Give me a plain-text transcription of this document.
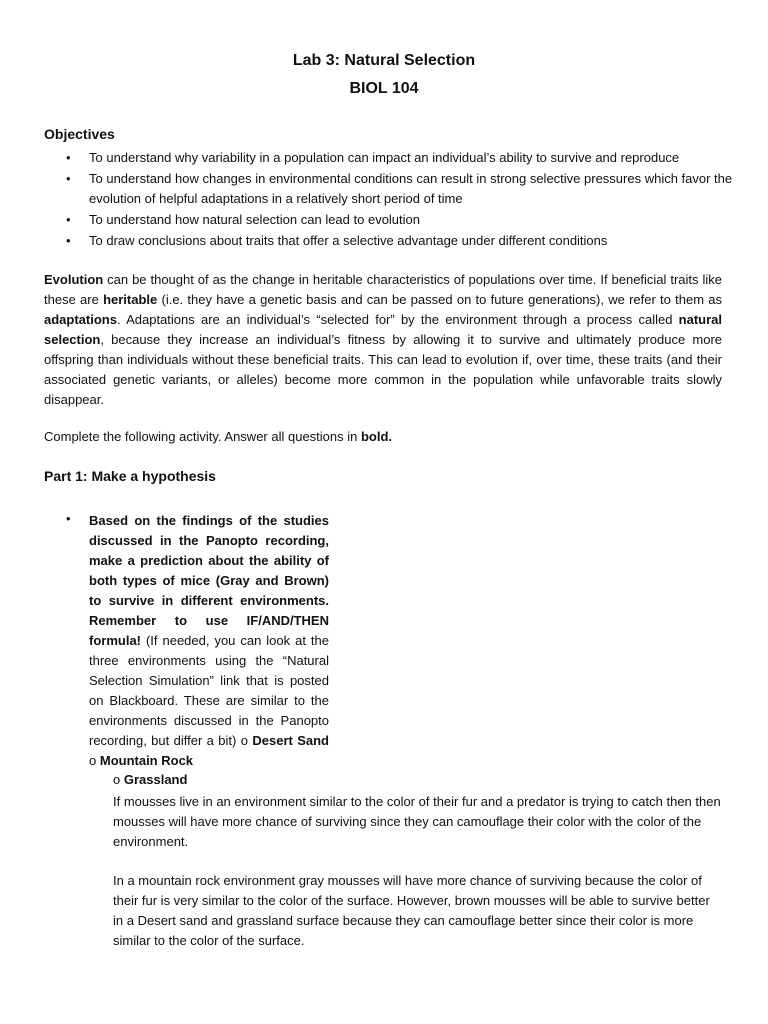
Lab 3: Natural Selection
BIOL 104
Objectives
• To understand why variability in a population can impact an individual’s ability to survive and reproduce
• To understand how changes in environmental conditions can result in strong selective pressures which favor the evolution of helpful adaptations in a relatively short period of time
• To understand how natural selection can lead to evolution
• To draw conclusions about traits that offer a selective advantage under different conditions

Evolution can be thought of as the change in heritable characteristics of populations over time. If beneficial traits like these are heritable (i.e. they have a genetic basis and can be passed on to future generations), we refer to them as adaptations. Adaptations are an individual’s “selected for” by the environment through a process called natural selection, because they increase an individual’s fitness by allowing it to survive and ultimately produce more offspring than individuals without these beneficial traits. This can lead to evolution if, over time, these traits (and their associated genetic variants, or alleles) become more common in the population while unfavorable traits slowly disappear.

Complete the following activity. Answer all questions in bold.

Part 1: Make a hypothesis
• Based on the findings of the studies discussed in the Panopto recording, make a prediction about the ability of both types of mice (Gray and Brown) to survive in different environments. Remember to use IF/AND/THEN formula! (If needed, you can look at the three environments using the “Natural Selection Simulation” link that is posted on Blackboard. These are similar to the environments discussed in the Panopto recording, but differ a bit) o Desert Sand o Mountain Rock
o Grassland

If mousses live in an environment similar to the color of their fur and a predator is trying to catch then then mousses will have more chance of surviving since they can camouflage their color with the color of the environment.

In a mountain rock environment gray mousses will have more chance of surviving because the color of their fur is very similar to the color of the surface. However, brown mousses will be able to survive better in a Desert sand and grassland surface because they can camouflage better since their color is more similar to the color of the surface.
